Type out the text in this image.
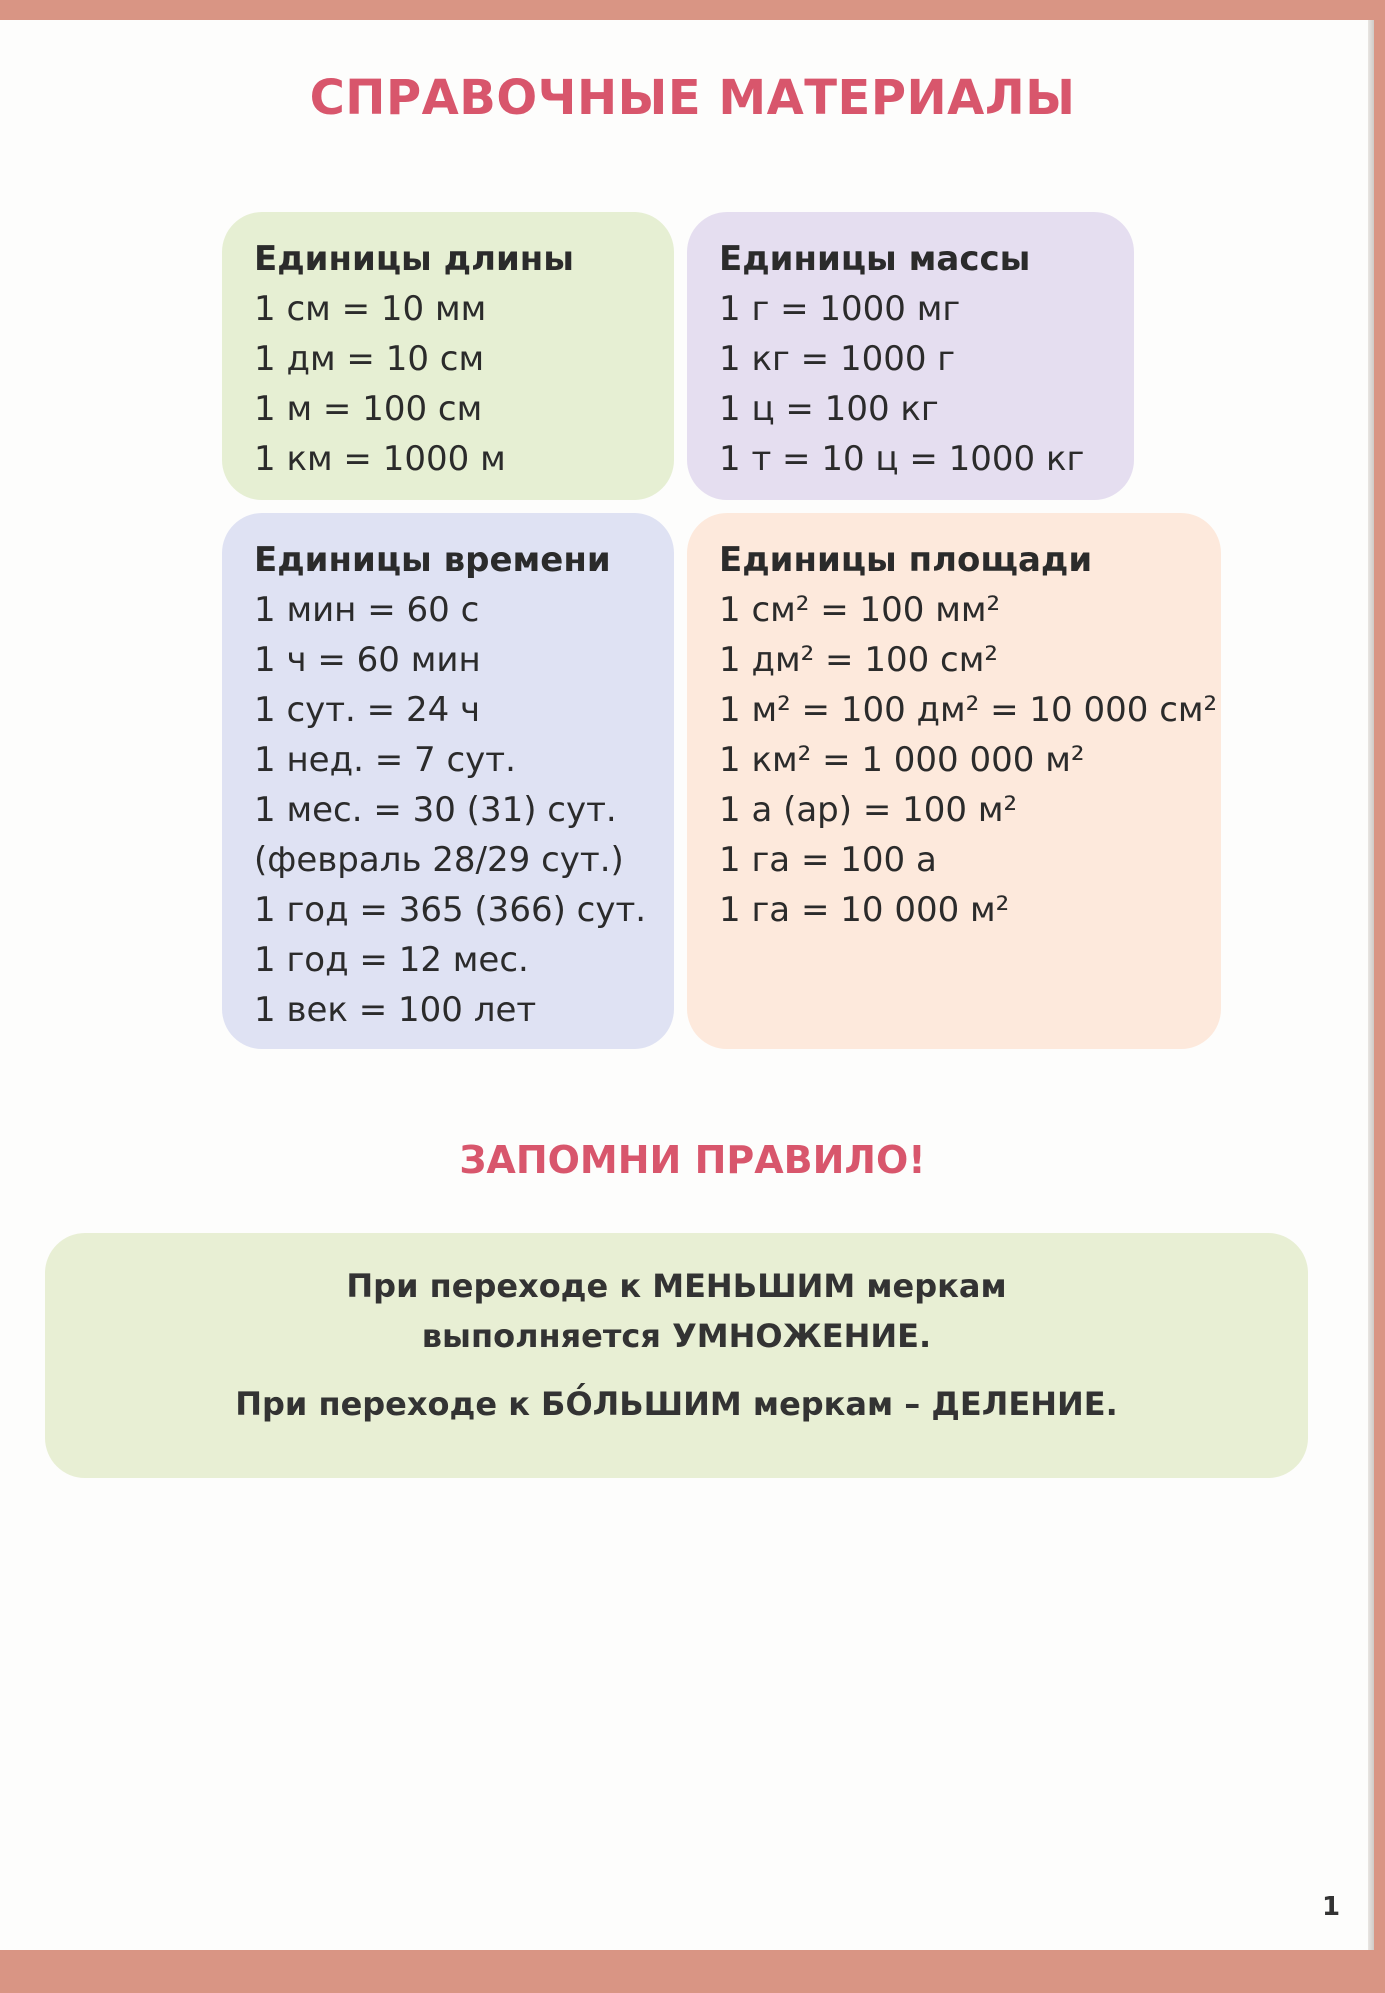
СПРАВОЧНЫЕ МАТЕРИАЛЫ

Единицы длины

1 см = 10 мм
1 дм = 10 см
1 м = 100 см
1 км = 1000 м

Единицы массы

1 г = 1000 мг
1 кг = 1000 г
1 ц = 100 кг
1 т = 10 ц = 1000 кг

Единицы времени

1 мин = 60 с
1 ч = 60 мин
1 сут. = 24 ч
1 нед. = 7 сут.
1 мес. = 30 (31) сут.
(февраль 28/29 сут.)
1 год = 365 (366) сут.
1 год = 12 мес.
1 век = 100 лет

Единицы площади

1 см² = 100 мм²
1 дм² = 100 см²
1 м² = 100 дм² = 10 000 см²
1 км² = 1 000 000 м²
1 а (ар) = 100 м²
1 га = 100 а
1 га = 10 000 м²
ЗАПОМНИ ПРАВИЛО!

При переходе к МЕНЬШИМ меркам

выполняется УМНОЖЕНИЕ.

При переходе к БО́ЛЬШИМ меркам – ДЕЛЕНИЕ.

1
